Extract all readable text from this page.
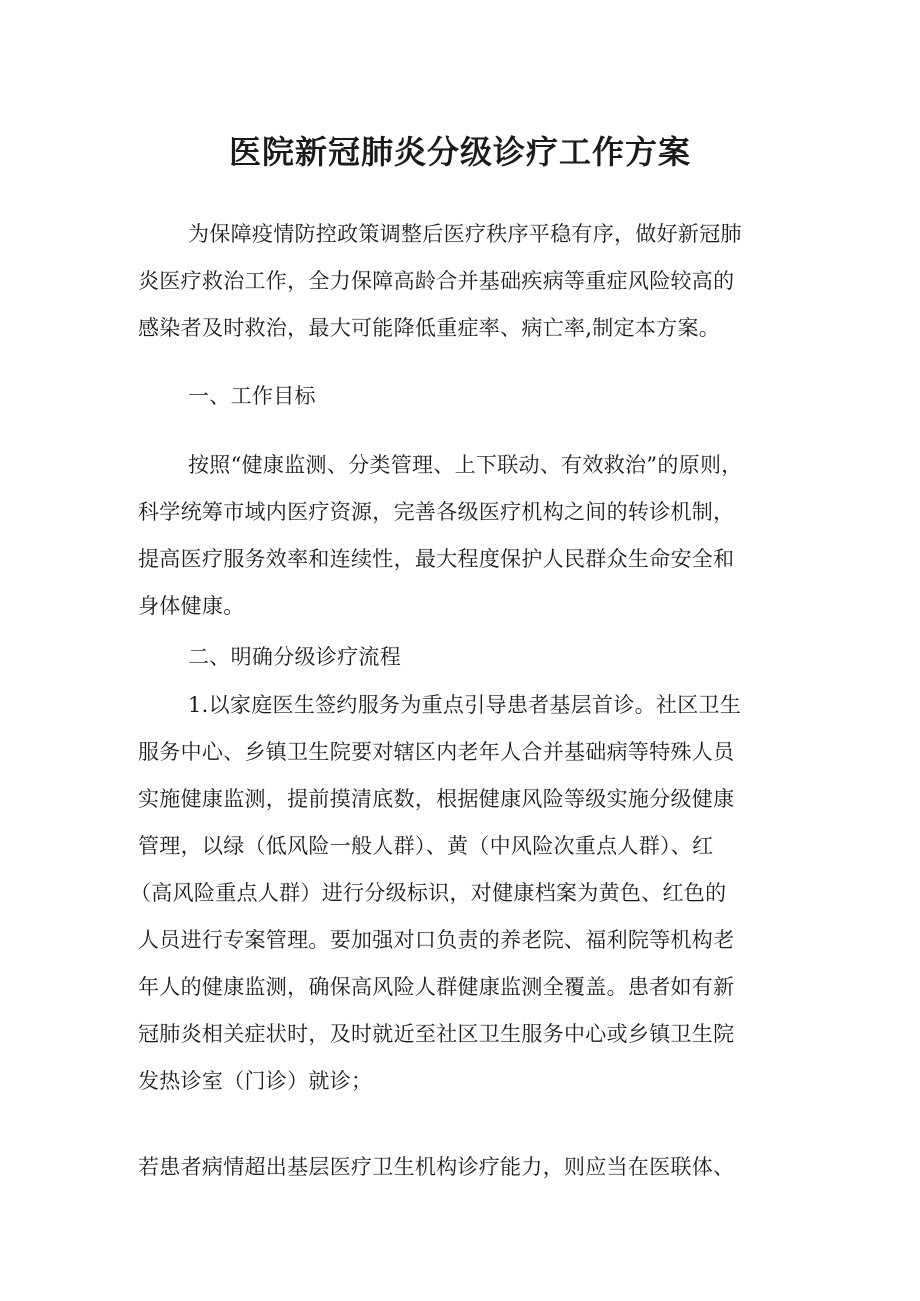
医院新冠肺炎分级诊疗工作方案
为保障疫情防控政策调整后医疗秩序平稳有序，做好新冠肺
炎医疗救治工作，全力保障高龄合并基础疾病等重症风险较高的
感染者及时救治，最大可能降低重症率、病亡率,制定本方案。
一、工作目标
按照“健康监测、分类管理、上下联动、有效救治”的原则，
科学统筹市域内医疗资源，完善各级医疗机构之间的转诊机制，
提高医疗服务效率和连续性，最大程度保护人民群众生命安全和
身体健康。
二、明确分级诊疗流程
1.以家庭医生签约服务为重点引导患者基层首诊。社区卫生
服务中心、乡镇卫生院要对辖区内老年人合并基础病等特殊人员
实施健康监测，提前摸清底数，根据健康风险等级实施分级健康
管理，以绿（低风险一般人群）、黄（中风险次重点人群）、红
（高风险重点人群）进行分级标识，对健康档案为黄色、红色的
人员进行专案管理。要加强对口负责的养老院、福利院等机构老
年人的健康监测，确保高风险人群健康监测全覆盖。患者如有新
冠肺炎相关症状时，及时就近至社区卫生服务中心或乡镇卫生院
发热诊室（门诊）就诊；
若患者病情超出基层医疗卫生机构诊疗能力，则应当在医联体、
